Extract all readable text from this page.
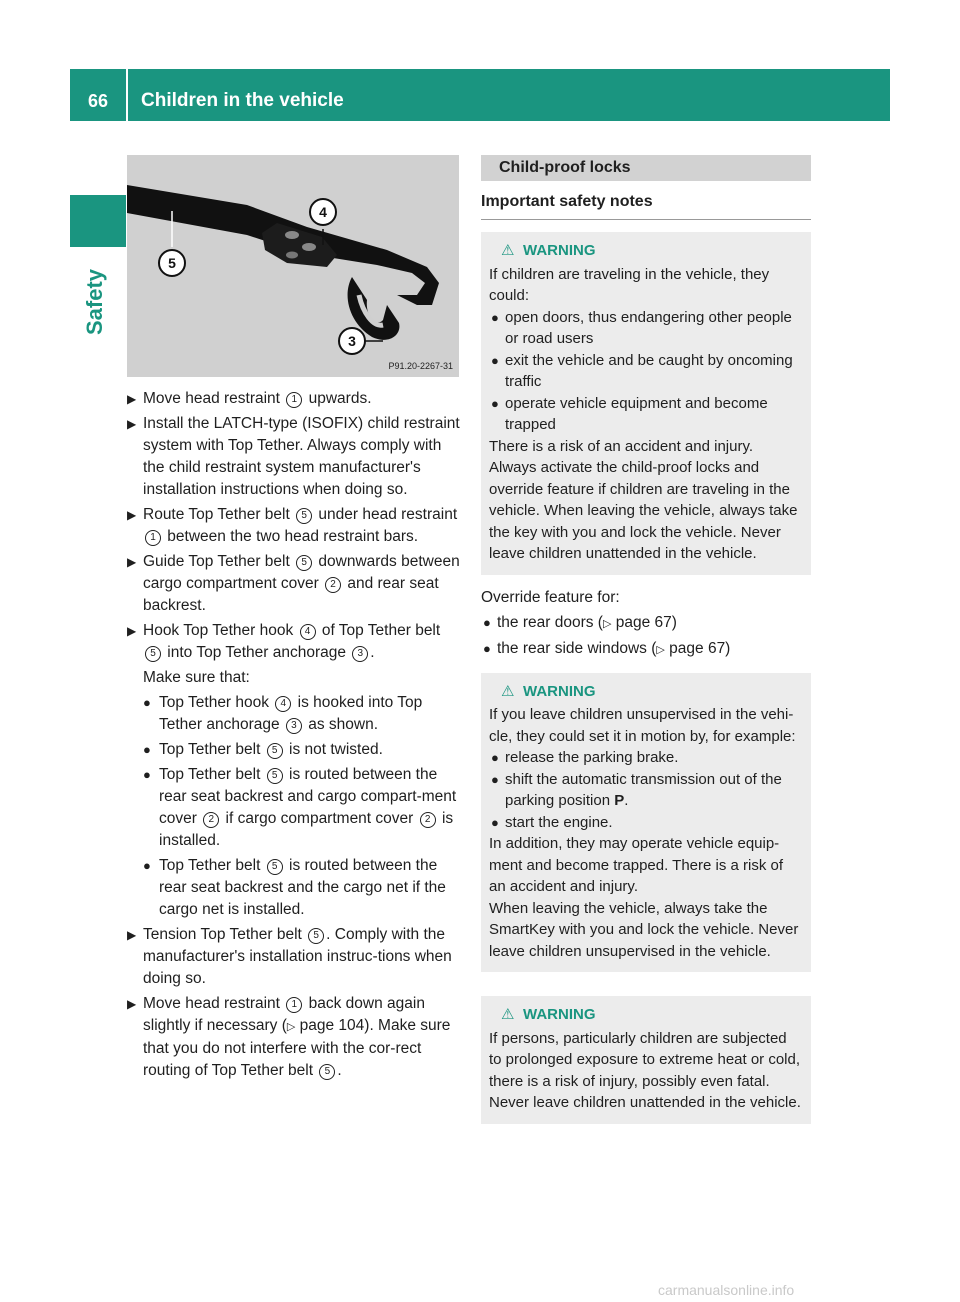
66	Children in the vehicle
Safety
4
5
3
P91.20-2267-31
▶ Move head restraint 1 upwards.
▶ Install the LATCH-type (ISOFIX) child restraint system with Top Tether. Always comply with the child restraint system manufacturer's installation instructions when doing so.
▶ Route Top Tether belt 5 under head restraint 1 between the two head restraint bars.
▶ Guide Top Tether belt 5 downwards between cargo compartment cover 2 and rear seat backrest.
▶ Hook Top Tether hook 4 of Top Tether belt 5 into Top Tether anchorage 3 .
Make sure that:
● Top Tether hook 4 is hooked into Top Tether anchorage 3 as shown.
● Top Tether belt 5 is not twisted.
● Top Tether belt 5 is routed between the rear seat backrest and cargo compart-ment cover 2 if cargo compartment cover 2 is installed.
● Top Tether belt 5 is routed between the rear seat backrest and the cargo net if the cargo net is installed.
▶ Tension Top Tether belt 5 . Comply with the manufacturer's installation instruc-tions when doing so.
▶ Move head restraint 1 back down again slightly if necessary (▷ page 104). Make sure that you do not interfere with the cor-rect routing of Top Tether belt 5 .
Child-proof locks
Important safety notes
⚠ WARNING
If children are traveling in the vehicle, they could:
● open doors, thus endangering other people or road users
● exit the vehicle and be caught by oncoming traffic
● operate vehicle equipment and become trapped
There is a risk of an accident and injury.
Always activate the child-proof locks and override feature if children are traveling in the vehicle. When leaving the vehicle, always take the key with you and lock the vehicle. Never leave children unattended in the vehicle.
Override feature for:
● the rear doors (▷ page 67)
● the rear side windows (▷ page 67)
⚠ WARNING
If you leave children unsupervised in the vehi-cle, they could set it in motion by, for example:
● release the parking brake.
● shift the automatic transmission out of the parking position P.
● start the engine.
In addition, they may operate vehicle equip-ment and become trapped. There is a risk of an accident and injury.
When leaving the vehicle, always take the SmartKey with you and lock the vehicle. Never leave children unsupervised in the vehicle.
⚠ WARNING
If persons, particularly children are subjected to prolonged exposure to extreme heat or cold, there is a risk of injury, possibly even fatal. Never leave children unattended in the vehicle.
carmanualsonline.info
